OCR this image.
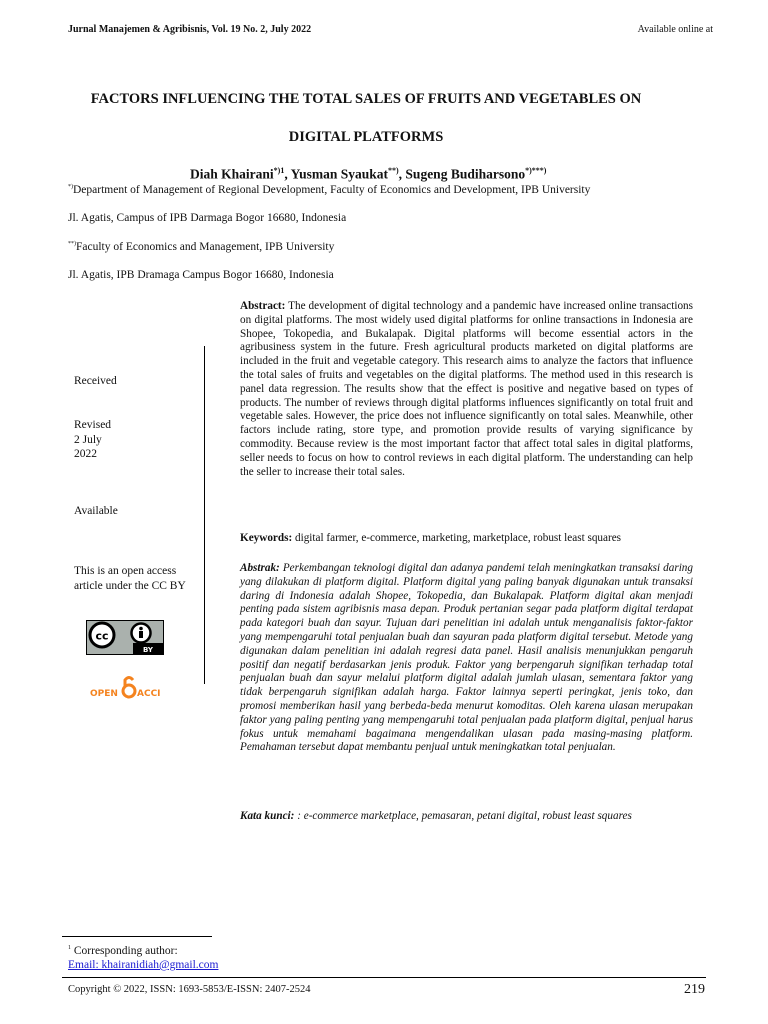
Jurnal Manajemen & Agribisnis, Vol. 19 No. 2, July 2022	Available online at
FACTORS INFLUENCING THE TOTAL SALES OF FRUITS AND VEGETABLES ON
DIGITAL PLATFORMS
Diah Khairani$^{*)1}$, Yusman Syaukat**), Sugeng Budiharsono*)***)
*)Department of Management of Regional Development, Faculty of Economics and Development, IPB University
Jl. Agatis, Campus of IPB Darmaga Bogor 16680, Indonesia
**)Faculty of Economics and Management, IPB University
Jl. Agatis, IPB Dramaga Campus Bogor 16680, Indonesia
Received
Revised
2 July
2022
Available
This is an open access
article under the CC BY
cc
BY
OPEN ACCI
Abstract: The development of digital technology and a pandemic have increased online transactions on digital platforms. The most widely used digital platforms for online transactions in Indonesia are Shopee, Tokopedia, and Bukalapak. Digital platforms will become essential actors in the agribusiness system in the future. Fresh agricultural products marketed on digital platforms are included in the fruit and vegetable category. This research aims to analyze the factors that influence the total sales of fruits and vegetables on the digital platforms. The method used in this research is panel data regression. The results show that the effect is positive and negative based on types of products. The number of reviews through digital platforms influences significantly on total fruit and vegetable sales. However, the price does not influence significantly on total sales. Meanwhile, other factors include rating, store type, and promotion provide results of varying significance by commodity. Because review is the most important factor that affect total sales in digital platforms, seller needs to focus on how to control reviews in each digital platform. The understanding can help the seller to increase their total sales.
Keywords: digital farmer, e-commerce, marketing, marketplace, robust least squares
Abstrak: Perkembangan teknologi digital dan adanya pandemi telah meningkatkan transaksi daring yang dilakukan di platform digital. Platform digital yang paling banyak digunakan untuk transaksi daring di Indonesia adalah Shopee, Tokopedia, dan Bukalapak. Platform digital akan menjadi penting pada sistem agribisnis masa depan. Produk pertanian segar pada platform digital terdapat pada kategori buah dan sayur. Tujuan dari penelitian ini adalah untuk menganalisis faktor-faktor yang mempengaruhi total penjualan buah dan sayuran pada platform digital tersebut. Metode yang digunakan dalam penelitian ini adalah regresi data panel. Hasil analisis menunjukkan pengaruh positif dan negatif berdasarkan jenis produk. Faktor yang berpengaruh signifikan terhadap total penjualan buah dan sayur melalui platform digital adalah jumlah ulasan, sementara faktor yang tidak berpengaruh signifikan adalah harga. Faktor lainnya seperti peringkat, jenis toko, dan promosi memberikan hasil yang berbeda-beda menurut komoditas. Oleh karena ulasan merupakan faktor yang paling penting yang mempengaruhi total penjualan pada platform digital, penjual harus fokus untuk memahami bagaimana mengendalikan ulasan pada masing-masing platform. Pemahaman tersebut dapat membantu penjual untuk meningkatkan total penjualan.
Kata kunci: : e-commerce marketplace, pemasaran, petani digital, robust least squares
$^1$ Corresponding author:
Email: khairanidiah@gmail.com
Copyright © 2022, ISSN: 1693-5853/E-ISSN: 2407-2524	219
